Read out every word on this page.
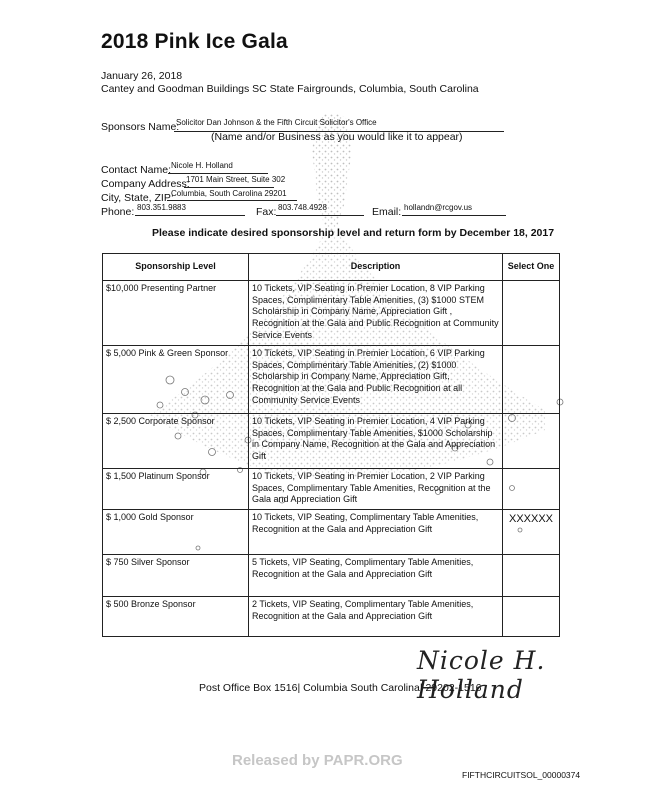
2018 Pink Ice Gala
January 26, 2018
Cantey and Goodman Buildings SC State Fairgrounds, Columbia, South Carolina
Sponsors Name:
Solicitor Dan Johnson & the Fifth Circuit Solicitor's Office
(Name and/or Business as you would like it to appear)
Contact Name: Nicole H. Holland
Company Address:
1701 Main Street, Suite 302
City, State, ZIP:
Columbia, South Carolina 29201
Phone: 803.351.9883	Fax: 803.748.4928	Email: hollandn@rcgov.us
Please indicate desired sponsorship level and return form by December 18, 2017
Sponsorship Level	Description	Select One
$10,000 Presenting Partner	10 Tickets, VIP Seating in Premier Location, 8 VIP Parking Spaces, Complimentary Table Amenities, (3) $1000 STEM Scholarship in Company Name, Appreciation Gift , Recognition at the Gala and Public Recognition at Community Service Events	
$ 5,000 Pink & Green Sponsor	10 Tickets, VIP Seating in Premier Location, 6 VIP Parking Spaces, Complimentary Table Amenities, (2) $1000 Scholarship in Company Name, Appreciation Gift, Recognition at the Gala and Public Recognition at all Community Service Events	
$ 2,500 Corporate Sponsor	10 Tickets, VIP Seating in Premier Location, 4 VIP Parking Spaces, Complimentary Table Amenities, $1000 Scholarship in Company Name, Recognition at the Gala and Appreciation Gift	
$ 1,500 Platinum Sponsor	10 Tickets, VIP Seating in Premier Location, 2 VIP Parking Spaces, Complimentary Table Amenities, Recognition at the Gala and Appreciation Gift	
$ 1,000 Gold Sponsor	10 Tickets, VIP Seating, Complimentary Table Amenities, Recognition at the Gala and Appreciation Gift	XXXXXX
$ 750 Silver Sponsor	5 Tickets, VIP Seating, Complimentary Table Amenities, Recognition at the Gala and Appreciation Gift	
$ 500 Bronze Sponsor	2 Tickets, VIP Seating, Complimentary Table Amenities, Recognition at the Gala and Appreciation Gift	
Nicole H. Holland
Post Office Box 1516| Columbia South Carolina| 29202-1516
Released by PAPR.ORG
FIFTHCIRCUITSOL_00000374
